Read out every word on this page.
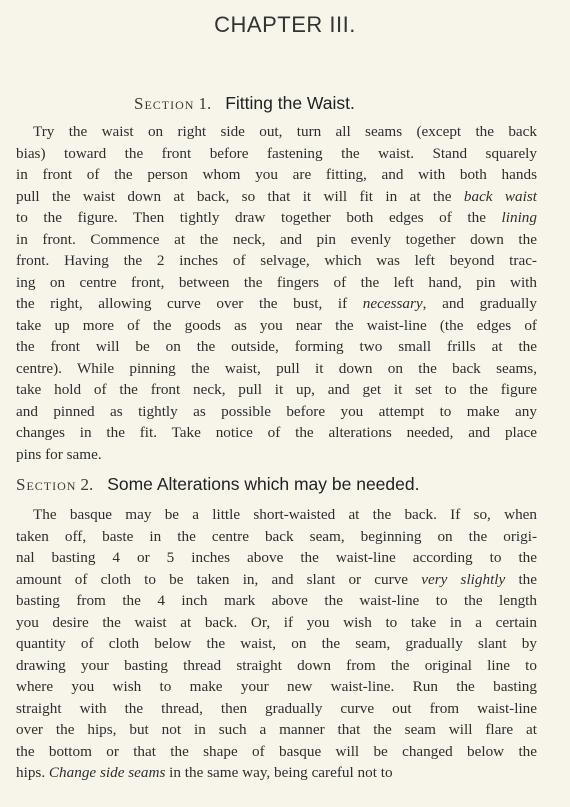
CHAPTER III.
Section 1. Fitting the Waist.
Try the waist on right side out, turn all seams (except the back
bias) toward the front before fastening the waist. Stand squarely
in front of the person whom you are fitting, and with both hands
pull the waist down at back, so that it will fit in at the back waist
to the figure. Then tightly draw together both edges of the lining
in front. Commence at the neck, and pin evenly together down the
front. Having the 2 inches of selvage, which was left beyond trac-
ing on centre front, between the fingers of the left hand, pin with
the right, allowing curve over the bust, if necessary, and gradually
take up more of the goods as you near the waist-line (the edges of
the front will be on the outside, forming two small frills at the
centre). While pinning the waist, pull it down on the back seams,
take hold of the front neck, pull it up, and get it set to the figure
and pinned as tightly as possible before you attempt to make any
changes in the fit. Take notice of the alterations needed, and place
pins for same.
Section 2. Some Alterations which may be needed.
The basque may be a little short-waisted at the back. If so, when
taken off, baste in the centre back seam, beginning on the origi-
nal basting 4 or 5 inches above the waist-line according to the
amount of cloth to be taken in, and slant or curve very slightly the
basting from the 4 inch mark above the waist-line to the length
you desire the waist at back. Or, if you wish to take in a certain
quantity of cloth below the waist, on the seam, gradually slant by
drawing your basting thread straight down from the original line to
where you wish to make your new waist-line. Run the basting
straight with the thread, then gradually curve out from waist-line
over the hips, but not in such a manner that the seam will flare at
the bottom or that the shape of basque will be changed below the
hips. Change side seams in the same way, being careful not to
